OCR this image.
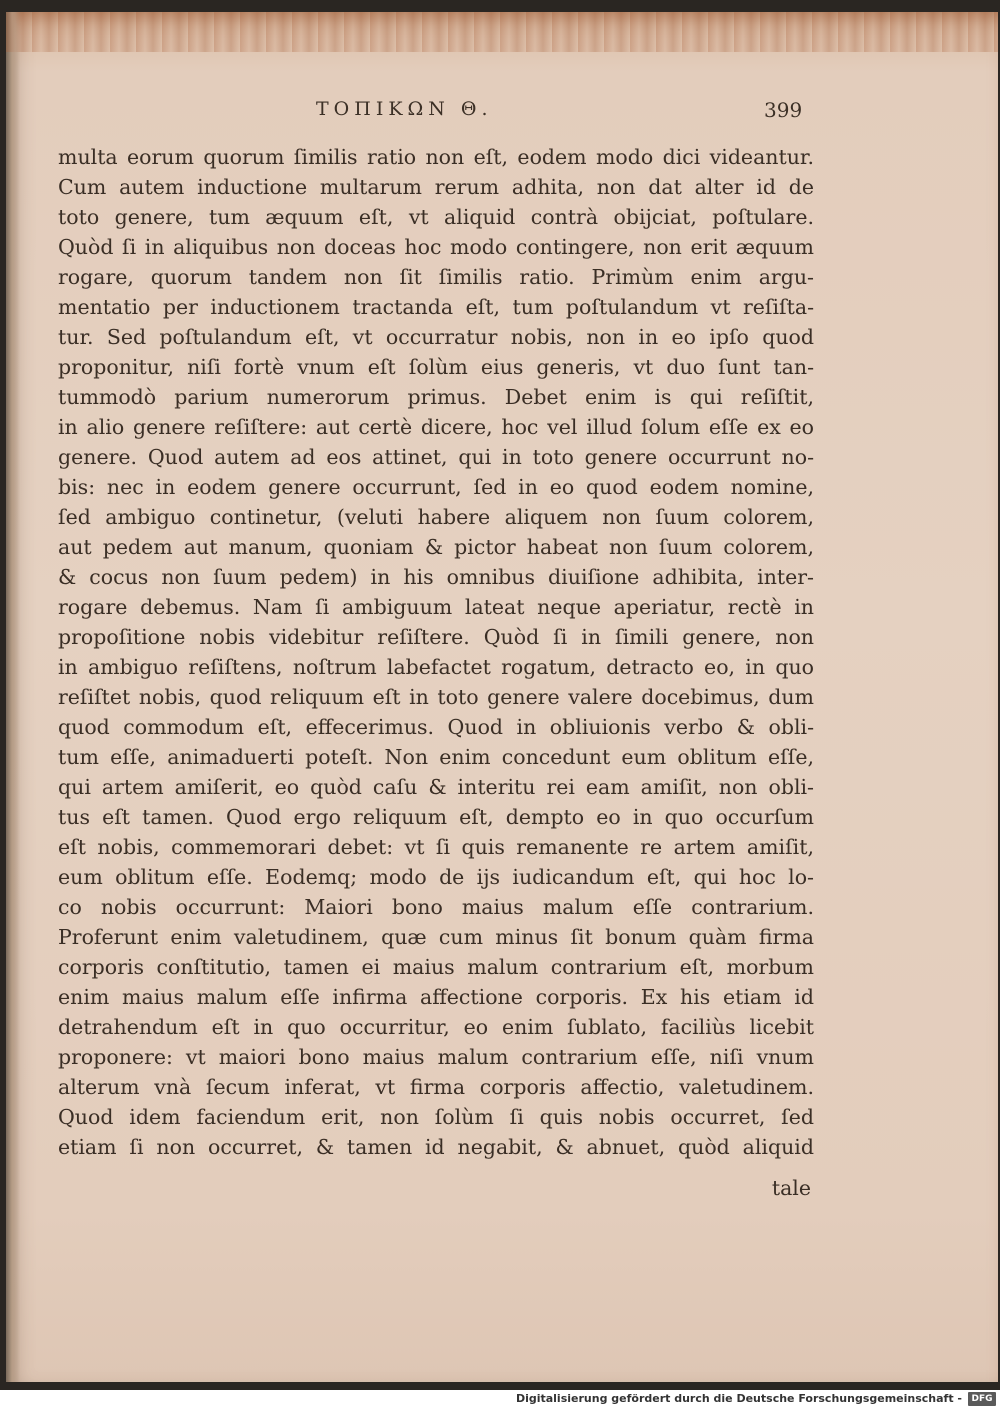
ΤΟΠΙΚΩΝ Θ.	399
multa eorum quorum ſimilis ratio non eſt, eodem modo dici videantur.
Cum autem inductione multarum rerum adhita, non dat alter id de
toto genere, tum æquum eſt, vt aliquid contrà obijciat, poſtulare.
Quòd ſi in aliquibus non doceas hoc modo contingere, non erit æquum
rogare, quorum tandem non ſit ſimilis ratio. Primùm enim argu-
mentatio per inductionem tractanda eſt, tum poſtulandum vt reſiſta-
tur. Sed poſtulandum eſt, vt occurratur nobis, non in eo ipſo quod
proponitur, niſi fortè vnum eſt ſolùm eius generis, vt duo ſunt tan-
tummodò parium numerorum primus. Debet enim is qui reſiſtit,
in alio genere reſiſtere: aut certè dicere, hoc vel illud ſolum eſſe ex eo
genere. Quod autem ad eos attinet, qui in toto genere occurrunt no-
bis: nec in eodem genere occurrunt, ſed in eo quod eodem nomine,
ſed ambiguo continetur, (veluti habere aliquem non ſuum colorem,
aut pedem aut manum, quoniam & pictor habeat non ſuum colorem,
& cocus non ſuum pedem) in his omnibus diuiſione adhibita, inter-
rogare debemus. Nam ſi ambiguum lateat neque aperiatur, rectè in
propoſitione nobis videbitur reſiſtere. Quòd ſi in ſimili genere, non
in ambiguo reſiſtens, noſtrum labefactet rogatum, detracto eo, in quo
reſiſtet nobis, quod reliquum eſt in toto genere valere docebimus, dum
quod commodum eſt, effecerimus. Quod in obliuionis verbo & obli-
tum eſſe, animaduerti poteſt. Non enim concedunt eum oblitum eſſe,
qui artem amiſerit, eo quòd caſu & interitu rei eam amiſit, non obli-
tus eſt tamen. Quod ergo reliquum eſt, dempto eo in quo occurſum
eſt nobis, commemorari debet: vt ſi quis remanente re artem amiſit,
eum oblitum eſſe. Eodemq; modo de ijs iudicandum eſt, qui hoc lo-
co nobis occurrunt: Maiori bono maius malum eſſe contrarium.
Proferunt enim valetudinem, quæ cum minus ſit bonum quàm firma
corporis conſtitutio, tamen ei maius malum contrarium eſt, morbum
enim maius malum eſſe infirma affectione corporis. Ex his etiam id
detrahendum eſt in quo occurritur, eo enim ſublato, faciliùs licebit
proponere: vt maiori bono maius malum contrarium eſſe, niſi vnum
alterum vnà ſecum inferat, vt firma corporis affectio, valetudinem.
Quod idem faciendum erit, non ſolùm ſi quis nobis occurret, ſed
etiam ſi non occurret, & tamen id negabit, & abnuet, quòd aliquid
tale
Digitalisierung gefördert durch die Deutsche Forschungsgemeinschaft -	DFG
